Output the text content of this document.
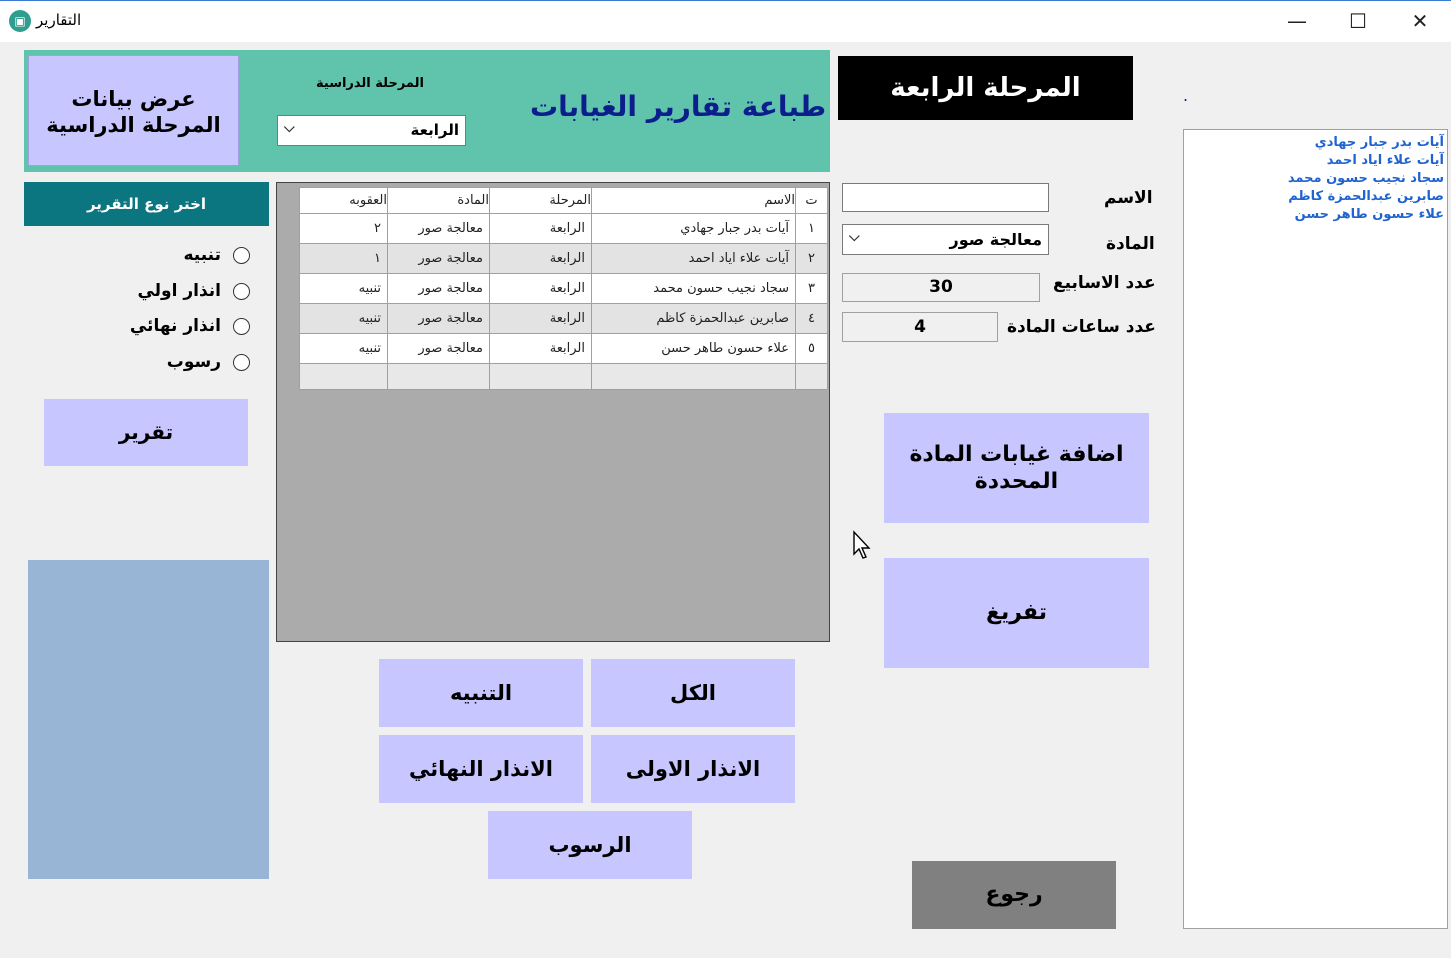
▣ التقارير	—	☐	✕
عرض بيانات المرحلة الدراسية
المرحلة الدراسية
الرابعة
⌵
طباعة تقارير الغيابات
المرحلة الرابعة	.
آيات بدر جبار جهادي
آيات علاء اياد احمد
سجاد نجيب حسون محمد
صابرين عبدالحمزة كاظم
علاء حسون طاهر حسن
الاسم
المادة
معالجة صور
⌵
عدد الاسابيع
30
عدد ساعات المادة
4
اضافة غيابات المادة المحددة
تفريغ
رجوع
اختر نوع التقرير
تنبيه
انذار اولي
انذار نهائي
رسوب
تقرير
ت	الاسم	المرحلة	المادة	العقوبه
١	آيات بدر جبار جهادي	الرابعة	معالجة صور	٢
٢	آيات علاء اياد احمد	الرابعة	معالجة صور	١
٣	سجاد نجيب حسون محمد	الرابعة	معالجة صور	تنبيه
٤	صابرين عبدالحمزة كاظم	الرابعة	معالجة صور	تنبيه
٥	علاء حسون طاهر حسن	الرابعة	معالجة صور	تنبيه

الكل
التنبيه
الانذار الاولى
الانذار النهائي
الرسوب
